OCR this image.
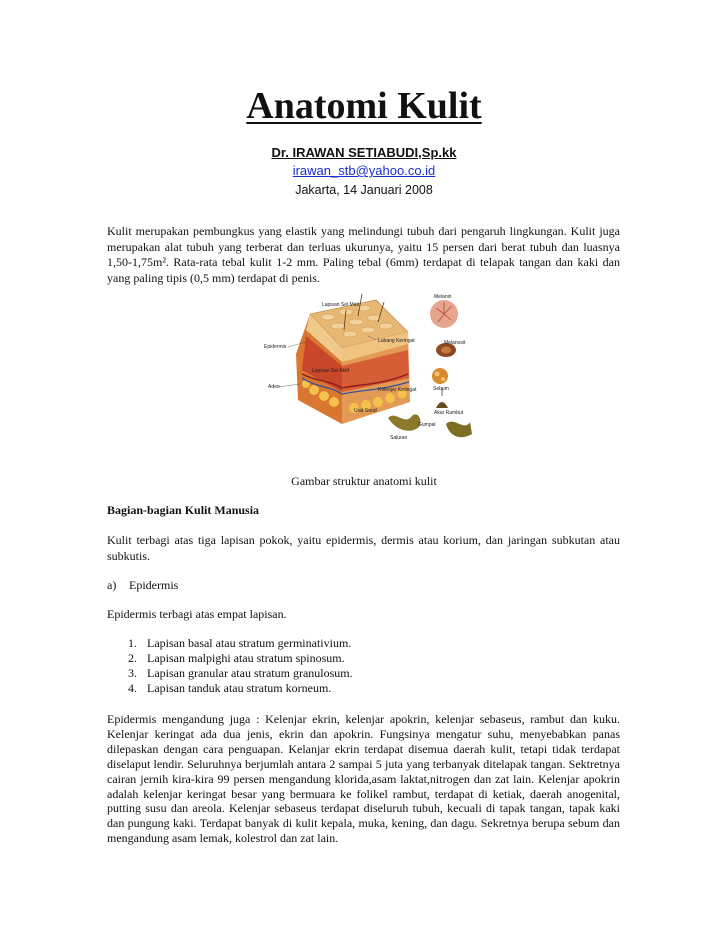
Anatomi Kulit
Dr. IRAWAN SETIABUDI,Sp.kk
irawan_stb@yahoo.co.id
Jakarta, 14 Januari 2008
Kulit merupakan pembungkus yang elastik yang melindungi tubuh dari pengaruh lingkungan. Kulit juga merupakan alat tubuh yang terberat dan terluas ukurunya, yaitu 15 persen dari berat tubuh dan luasnya 1,50-1,75m². Rata-rata tebal kulit 1-2 mm. Paling tebal (6mm) terdapat di telapak tangan dan kaki dan yang paling tipis (0,5 mm) terdapat di penis.
Melanin
Melanosit
Sebum
Akar Rambut
Saluran
Gumpal
Lapisan Sel Mati
Epidermis
Lapisan Sel Aktif
Adeo
Urat Saraf
Lubang Keringat
Kelenjar Keringat
Gambar struktur anatomi kulit
Bagian-bagian Kulit Manusia
Kulit terbagi atas tiga lapisan pokok, yaitu epidermis, dermis atau korium, dan jaringan subkutan atau subkutis.
a) Epidermis
Epidermis terbagi atas empat lapisan.
1. Lapisan basal atau stratum germinativium.
2. Lapisan malpighi atau stratum spinosum.
3. Lapisan granular atau stratum granulosum.
4. Lapisan tanduk atau stratum korneum.
Epidermis mengandung juga : Kelenjar ekrin, kelenjar apokrin, kelenjar sebaseus, rambut dan kuku. Kelenjar keringat ada dua jenis, ekrin dan apokrin. Fungsinya mengatur suhu, menyebabkan panas dilepaskan dengan cara penguapan. Kelanjar ekrin terdapat disemua daerah kulit, tetapi tidak terdapat diselaput lendir. Seluruhnya berjumlah antara 2 sampai 5 juta yang terbanyak ditelapak tangan. Sektretnya cairan jernih kira-kira 99 persen mengandung klorida,asam laktat,nitrogen dan zat lain. Kelenjar apokrin adalah kelenjar keringat besar yang bermuara ke folikel rambut, terdapat di ketiak, daerah anogenital, putting susu dan areola. Kelenjar sebaseus terdapat diseluruh tubuh, kecuali di tapak tangan, tapak kaki dan pungung kaki. Terdapat banyak di kulit kepala, muka, kening, dan dagu. Sekretnya berupa sebum dan mengandung asam lemak, kolestrol dan zat lain.
